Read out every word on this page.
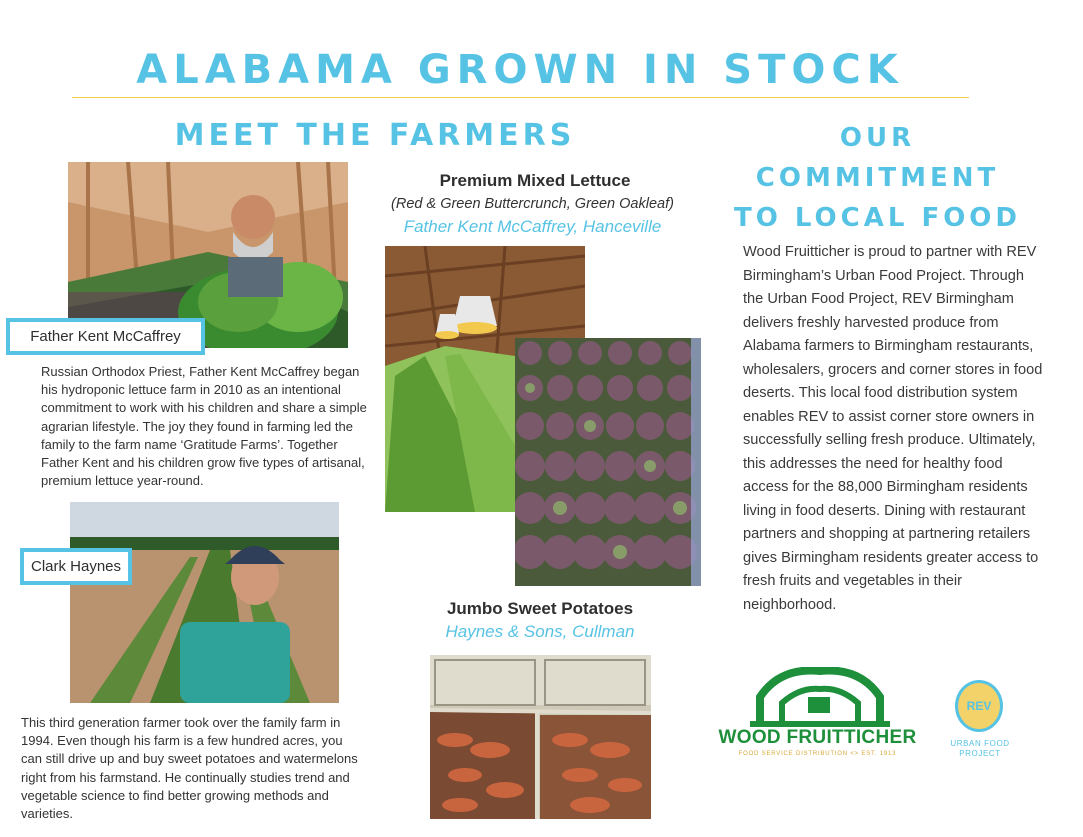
ALABAMA GROWN IN STOCK
MEET THE FARMERS	OUR COMMITMENT
TO LOCAL FOOD
Father Kent McCaffrey
Russian Orthodox Priest, Father Kent McCaffrey began his hydroponic lettuce farm in 2010 as an intentional commitment to work with his children and share a simple agrarian lifestyle. The joy they found in farming led the family to the farm name ‘Gratitude Farms’. Together Father Kent and his children grow five types of artisanal, premium lettuce year-round.
Clark Haynes
This third generation farmer took over the family farm in 1994. Even though his farm is a few hundred acres, you can still drive up and buy sweet potatoes and watermelons right from his farmstand. He continually studies trend and vegetable science to find better growing methods and varieties.
Premium Mixed Lettuce
(Red & Green Buttercrunch, Green Oakleaf)
Father Kent McCaffrey, Hanceville
Jumbo Sweet Potatoes
Haynes & Sons, Cullman
Wood Fruitticher is proud to partner with REV Birmingham’s Urban Food Project. Through the Urban Food Project, REV Birmingham delivers freshly harvested produce from Alabama farmers to Birmingham restaurants, wholesalers, grocers and corner stores in food deserts. This local food distribution system enables REV to assist corner store owners in successfully selling fresh produce. Ultimately, this addresses the need for healthy food access for the 88,000 Birmingham residents living in food deserts. Dining with restaurant partners and shopping at partnering retailers gives Birmingham residents greater access to fresh fruits and vegetables in their neighborhood.
WOOD FRUITTICHER
FOOD SERVICE DISTRIBUTION <> EST. 1913
REV
URBAN FOOD
PROJECT
